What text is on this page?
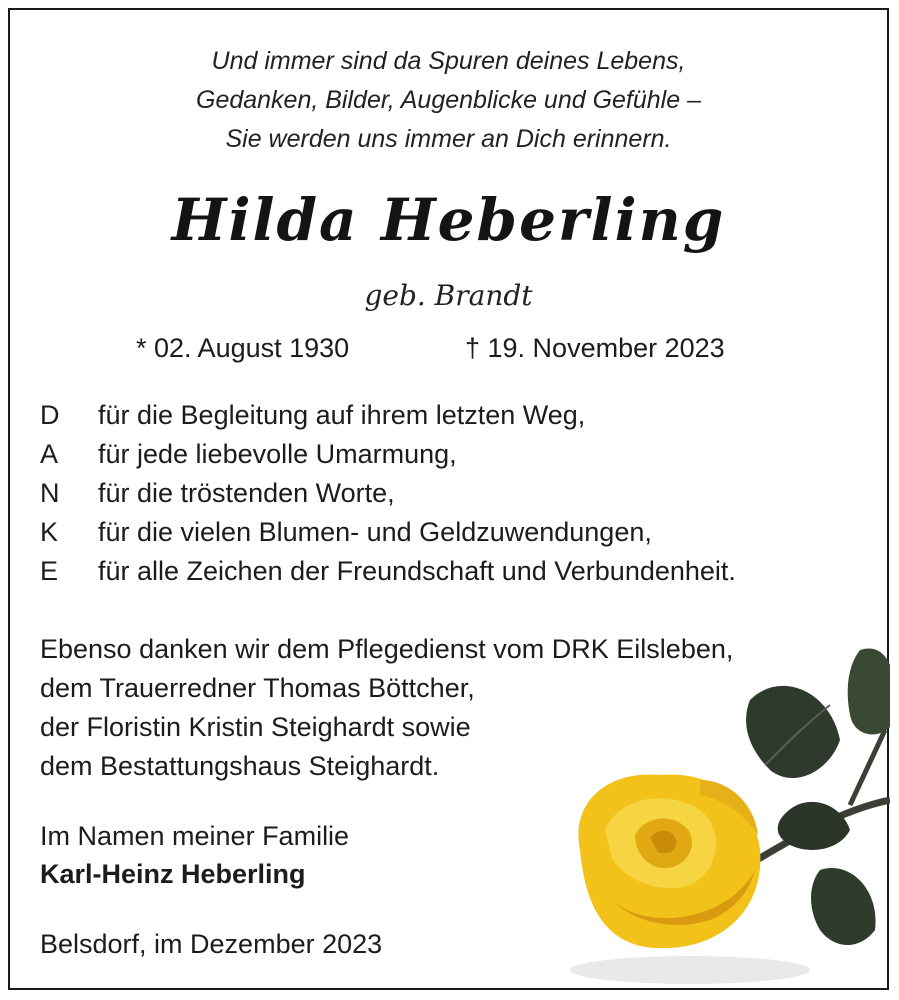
Und immer sind da Spuren deines Lebens,
Gedanken, Bilder, Augenblicke und Gefühle –
Sie werden uns immer an Dich erinnern.
Hilda Heberling
geb. Brandt
* 02. August 1930	† 19. November 2023
D	für die Begleitung auf ihrem letzten Weg,
A	für jede liebevolle Umarmung,
N	für die tröstenden Worte,
K	für die vielen Blumen- und Geldzuwendungen,
E	für alle Zeichen der Freundschaft und Verbundenheit.
Ebenso danken wir dem Pflegedienst vom DRK Eilsleben,
dem Trauerredner Thomas Böttcher,
der Floristin Kristin Steighardt sowie
dem Bestattungshaus Steighardt.
Im Namen meiner Familie
Karl-Heinz Heberling
Belsdorf, im Dezember 2023
